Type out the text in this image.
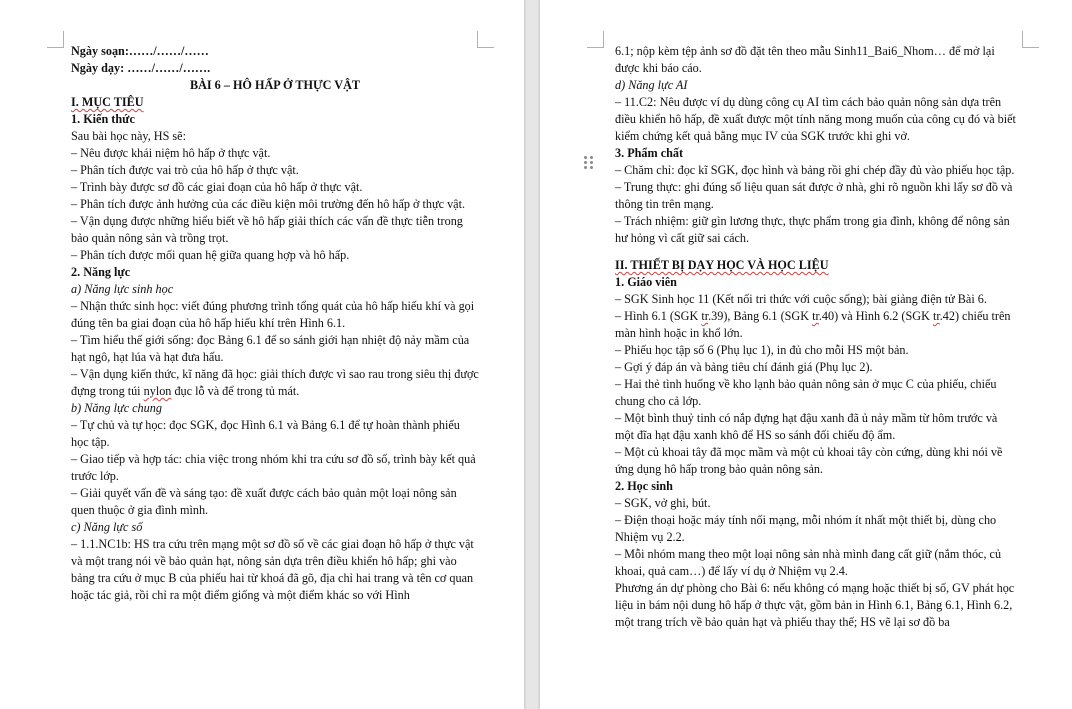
Ngày soạn:……/……/……

Ngày dạy: ……/……/…….

BÀI 6 – HÔ HẤP Ở THỰC VẬT

I. MỤC TIÊU

1. Kiến thức

Sau bài học này, HS sẽ:

– Nêu được khái niệm hô hấp ở thực vật.

– Phân tích được vai trò của hô hấp ở thực vật.

– Trình bày được sơ đồ các giai đoạn của hô hấp ở thực vật.

– Phân tích được ảnh hưởng của các điều kiện môi trường đến hô hấp ở thực vật.

– Vận dụng được những hiểu biết về hô hấp giải thích các vấn đề thực tiễn trong bảo quản nông sản và trồng trọt.

– Phân tích được mối quan hệ giữa quang hợp và hô hấp.

2. Năng lực

a) Năng lực sinh học

– Nhận thức sinh học: viết đúng phương trình tổng quát của hô hấp hiếu khí và gọi đúng tên ba giai đoạn của hô hấp hiếu khí trên Hình 6.1.

– Tìm hiểu thế giới sống: đọc Bảng 6.1 để so sánh giới hạn nhiệt độ nảy mầm của hạt ngô, hạt lúa và hạt đưa hấu.

– Vận dụng kiến thức, kĩ năng đã học: giải thích được vì sao rau trong siêu thị được đựng trong túi nylon đục lỗ và để trong tủ mát.

b) Năng lực chung

– Tự chủ và tự học: đọc SGK, đọc Hình 6.1 và Bảng 6.1 để tự hoàn thành phiếu học tập.

– Giao tiếp và hợp tác: chia việc trong nhóm khi tra cứu sơ đồ số, trình bày kết quả trước lớp.

– Giải quyết vấn đề và sáng tạo: đề xuất được cách bảo quản một loại nông sản quen thuộc ở gia đình mình.

c) Năng lực số

– 1.1.NC1b: HS tra cứu trên mạng một sơ đồ số về các giai đoạn hô hấp ở thực vật và một trang nói về bảo quản hạt, nông sản dựa trên điều khiển hô hấp; ghi vào bảng tra cứu ở mục B của phiếu hai từ khoá đã gõ, địa chỉ hai trang và tên cơ quan hoặc tác giả, rồi chỉ ra một điểm giống và một điểm khác so với Hình

6.1; nộp kèm tệp ảnh sơ đồ đặt tên theo mẫu Sinh11_Bai6_Nhom… để mở lại được khi báo cáo.

d) Năng lực AI

– 11.C2: Nêu được ví dụ dùng công cụ AI tìm cách bảo quản nông sản dựa trên điều khiển hô hấp, đề xuất được một tính năng mong muốn của công cụ đó và biết kiểm chứng kết quả bằng mục IV của SGK trước khi ghi vở.

3. Phẩm chất

– Chăm chỉ: đọc kĩ SGK, đọc hình và bảng rồi ghi chép đầy đủ vào phiếu học tập.

– Trung thực: ghi đúng số liệu quan sát được ở nhà, ghi rõ nguồn khi lấy sơ đồ và thông tin trên mạng.

– Trách nhiệm: giữ gìn lương thực, thực phẩm trong gia đình, không để nông sản hư hỏng vì cất giữ sai cách.

II. THIẾT BỊ DẠY HỌC VÀ HỌC LIỆU

1. Giáo viên

– SGK Sinh học 11 (Kết nối tri thức với cuộc sống); bài giảng điện tử Bài 6.

– Hình 6.1 (SGK tr.39), Bảng 6.1 (SGK tr.40) và Hình 6.2 (SGK tr.42) chiếu trên màn hình hoặc in khổ lớn.

– Phiếu học tập số 6 (Phụ lục 1), in đủ cho mỗi HS một bản.

– Gợi ý đáp án và bảng tiêu chí đánh giá (Phụ lục 2).

– Hai thẻ tình huống về kho lạnh bảo quản nông sản ở mục C của phiếu, chiếu chung cho cả lớp.

– Một bình thuỷ tinh có nắp đựng hạt đậu xanh đã ủ nảy mầm từ hôm trước và một đĩa hạt đậu xanh khô để HS so sánh đối chiếu độ ẩm.

– Một củ khoai tây đã mọc mầm và một củ khoai tây còn cứng, dùng khi nói về ứng dụng hô hấp trong bảo quản nông sản.

2. Học sinh

– SGK, vở ghi, bút.

– Điện thoại hoặc máy tính nối mạng, mỗi nhóm ít nhất một thiết bị, dùng cho Nhiệm vụ 2.2.

– Mỗi nhóm mang theo một loại nông sản nhà mình đang cất giữ (nắm thóc, củ khoai, quả cam…) để lấy ví dụ ở Nhiệm vụ 2.4.

Phương án dự phòng cho Bài 6: nếu không có mạng hoặc thiết bị số, GV phát học liệu in bám nội dung hô hấp ở thực vật, gồm bản in Hình 6.1, Bảng 6.1, Hình 6.2, một trang trích về bảo quản hạt và phiếu thay thế; HS vẽ lại sơ đồ ba
